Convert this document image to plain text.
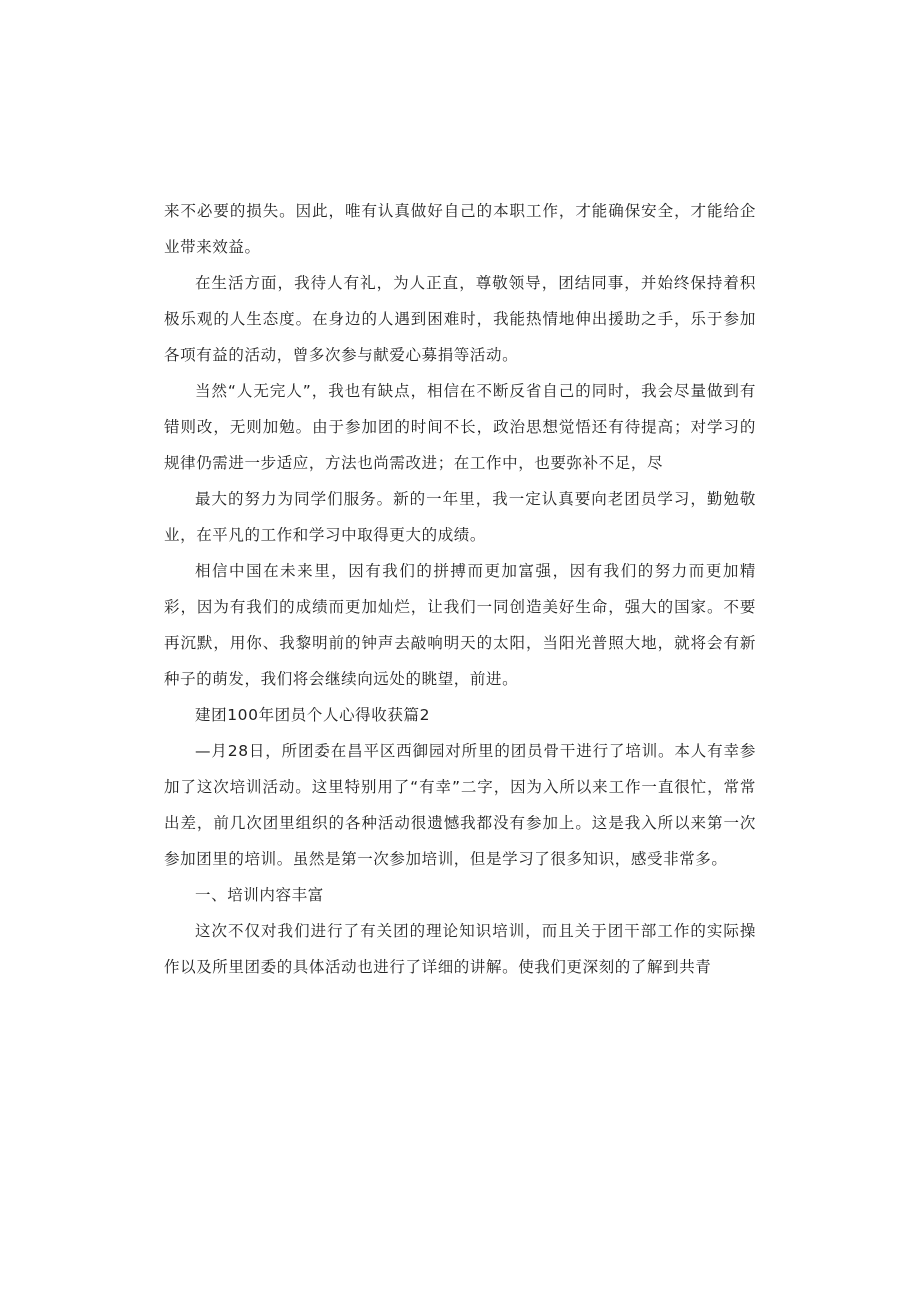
来不必要的损失。因此，唯有认真做好自己的本职工作，才能确保安全，才能给企业带来效益。

在生活方面，我待人有礼，为人正直，尊敬领导，团结同事，并始终保持着积极乐观的人生态度。在身边的人遇到困难时，我能热情地伸出援助之手，乐于参加各项有益的活动，曾多次参与献爱心募捐等活动。

当然“人无完人”，我也有缺点，相信在不断反省自己的同时，我会尽量做到有错则改，无则加勉。由于参加团的时间不长，政治思想觉悟还有待提高；对学习的规律仍需进一步适应，方法也尚需改进；在工作中，也要弥补不足，尽

最大的努力为同学们服务。新的一年里，我一定认真要向老团员学习，勤勉敬业，在平凡的工作和学习中取得更大的成绩。

相信中国在未来里，因有我们的拼搏而更加富强，因有我们的努力而更加精彩，因为有我们的成绩而更加灿烂，让我们一同创造美好生命，强大的国家。不要再沉默，用你、我黎明前的钟声去敲响明天的太阳，当阳光普照大地，就将会有新种子的萌发，我们将会继续向远处的眺望，前进。

建团100年团员个人心得收获篇2

—月28日，所团委在昌平区西御园对所里的团员骨干进行了培训。本人有幸参加了这次培训活动。这里特别用了“有幸”二字，因为入所以来工作一直很忙，常常出差，前几次团里组织的各种活动很遗憾我都没有参加上。这是我入所以来第一次参加团里的培训。虽然是第一次参加培训，但是学习了很多知识，感受非常多。

一、培训内容丰富

这次不仅对我们进行了有关团的理论知识培训，而且关于团干部工作的实际操作以及所里团委的具体活动也进行了详细的讲解。使我们更深刻的了解到共青
